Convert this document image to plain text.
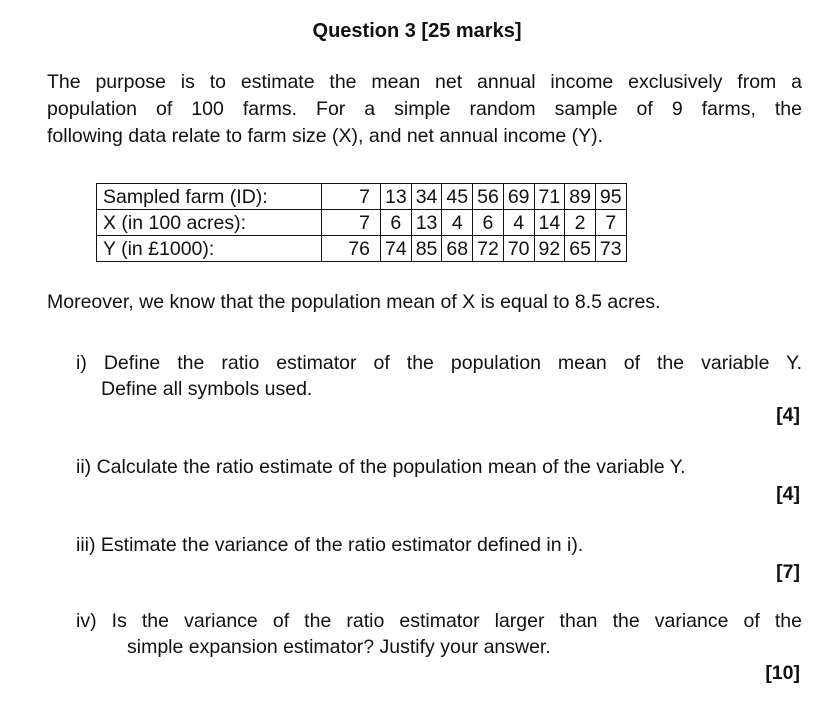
Question 3 [25 marks]
The purpose is to estimate the mean net annual income exclusively from a
population of 100 farms. For a simple random sample of 9 farms, the
following data relate to farm size (X), and net annual income (Y).
Sampled farm (ID):	7	13	34	45	56	69	71	89	95
X (in 100 acres):	7	6	13	4	6	4	14	2	7
Y (in £1000):	76	74	85	68	72	70	92	65	73
Moreover, we know that the population mean of X is equal to 8.5 acres.
i) Define the ratio estimator of the population mean of the variable Y.
Define all symbols used.
[4]
ii) Calculate the ratio estimate of the population mean of the variable Y.
[4]
iii) Estimate the variance of the ratio estimator defined in i).
[7]
iv) Is the variance of the ratio estimator larger than the variance of the
simple expansion estimator? Justify your answer.
[10]
